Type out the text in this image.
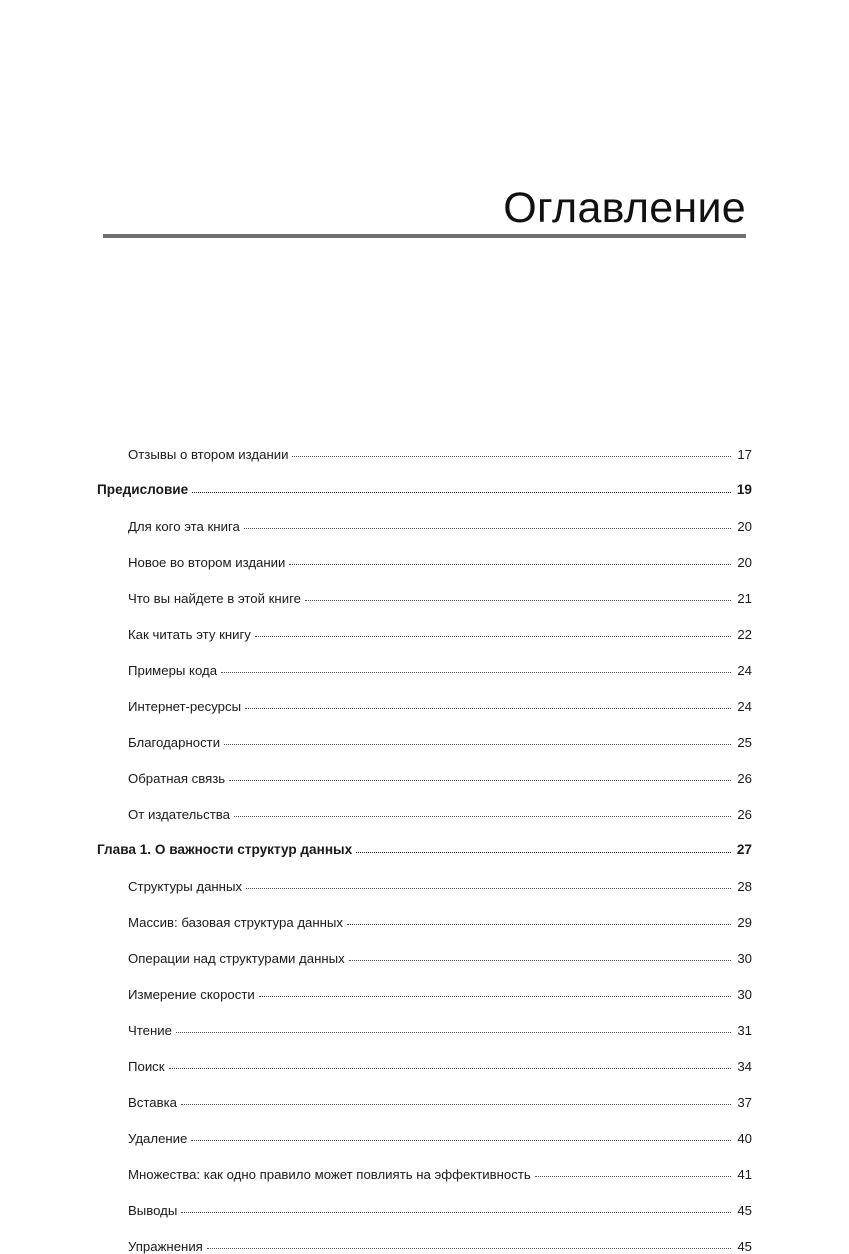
Оглавление
Отзывы о втором издании	17
Предисловие	19
Для кого эта книга	20
Новое во втором издании	20
Что вы найдете в этой книге	21
Как читать эту книгу	22
Примеры кода	24
Интернет-ресурсы	24
Благодарности	25
Обратная связь	26
От издательства	26
Глава 1. О важности структур данных	27
Структуры данных	28
Массив: базовая структура данных	29
Операции над структурами данных	30
Измерение скорости	30
Чтение	31
Поиск	34
Вставка	37
Удаление	40
Множества: как одно правило может повлиять на эффективность	41
Выводы	45
Упражнения	45
